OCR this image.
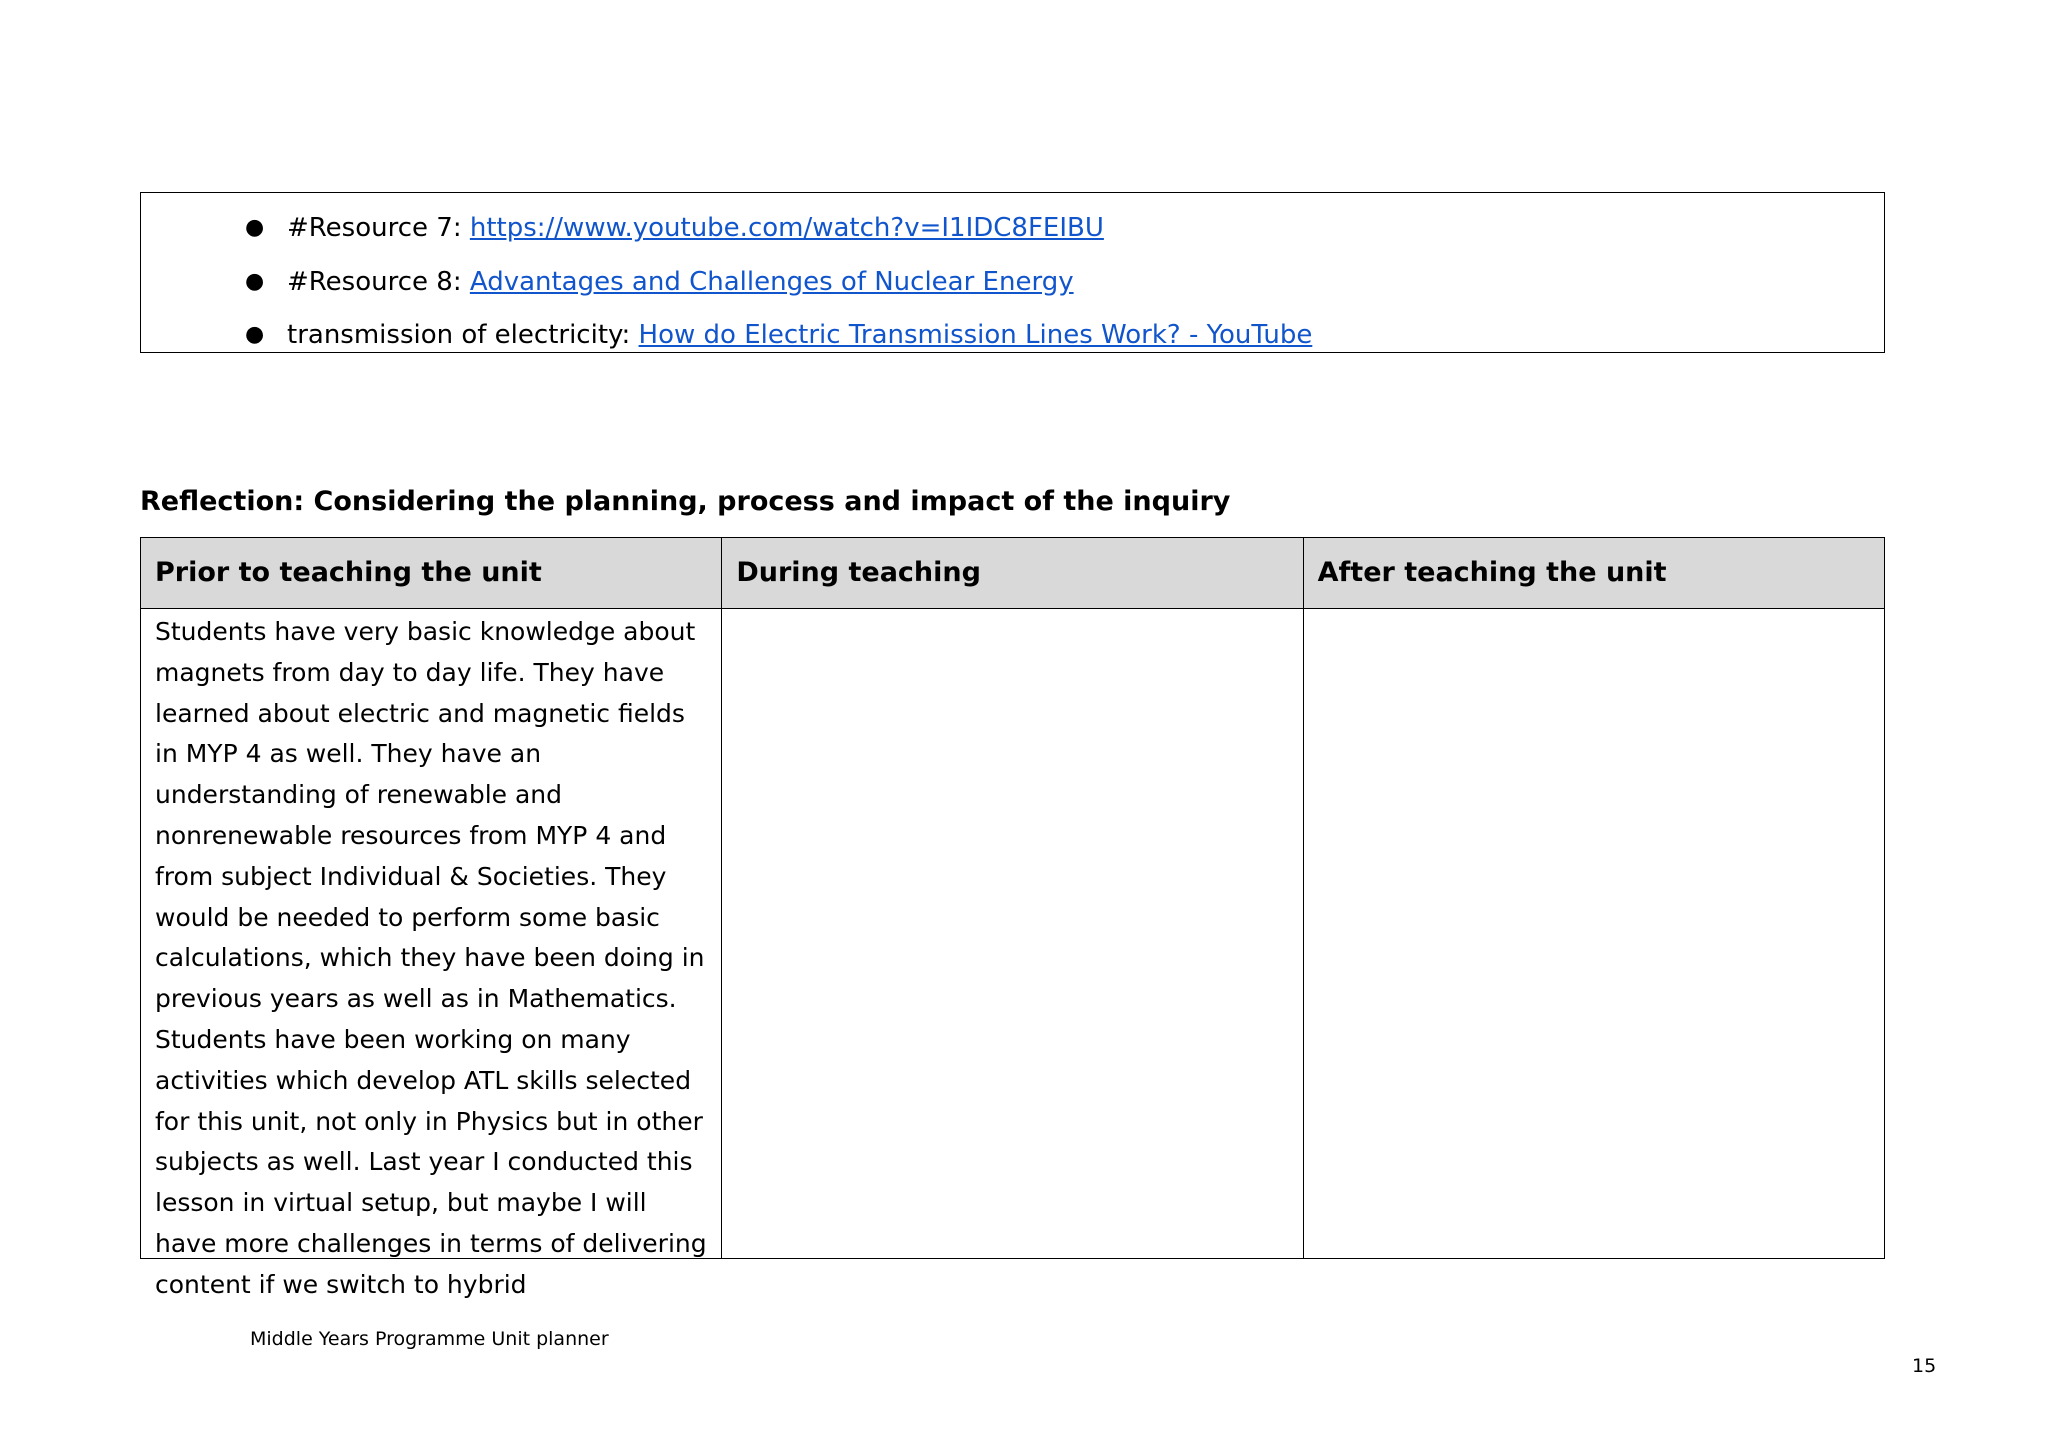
● #Resource 7: https://www.youtube.com/watch?v=I1IDC8FEIBU
● #Resource 8: Advantages and Challenges of Nuclear Energy
● transmission of electricity: How do Electric Transmission Lines Work? - YouTube
Reflection: Considering the planning, process and impact of the inquiry
Prior to teaching the unit	During teaching	After teaching the unit

Students have very basic knowledge about magnets from day to day life. They have learned about electric and magnetic fields in MYP 4 as well. They have an understanding of renewable and nonrenewable resources from MYP 4 and from subject Individual & Societies. They would be needed to perform some basic calculations, which they have been doing in previous years as well as in Mathematics. Students have been working on many activities which develop ATL skills selected for this unit, not only in Physics but in other subjects as well. Last year I conducted this lesson in virtual setup, but maybe I will have more challenges in terms of delivering content if we switch to hybrid		

Middle Years Programme Unit planner
15
